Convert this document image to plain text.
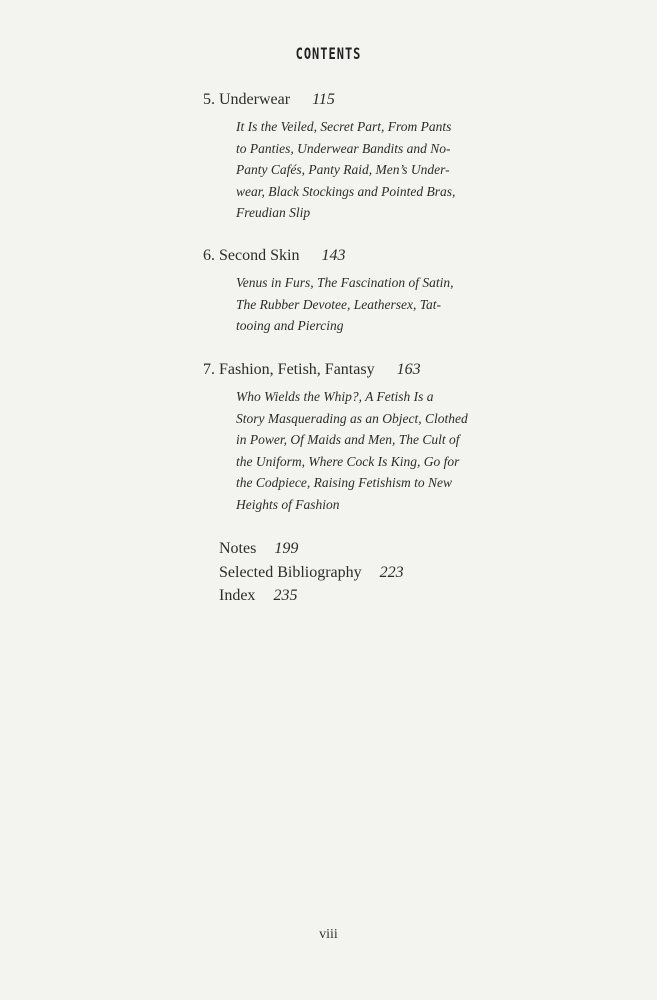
CONTENTS
5. Underwear 115
It Is the Veiled, Secret Part, From Pants
to Panties, Underwear Bandits and No-
Panty Cafés, Panty Raid, Men’s Under-
wear, Black Stockings and Pointed Bras,
Freudian Slip
6. Second Skin 143
Venus in Furs, The Fascination of Satin,
The Rubber Devotee, Leathersex, Tat-
tooing and Piercing
7. Fashion, Fetish, Fantasy 163
Who Wields the Whip?, A Fetish Is a
Story Masquerading as an Object, Clothed
in Power, Of Maids and Men, The Cult of
the Uniform, Where Cock Is King, Go for
the Codpiece, Raising Fetishism to New
Heights of Fashion
Notes 199
Selected Bibliography 223
Index 235
viii
